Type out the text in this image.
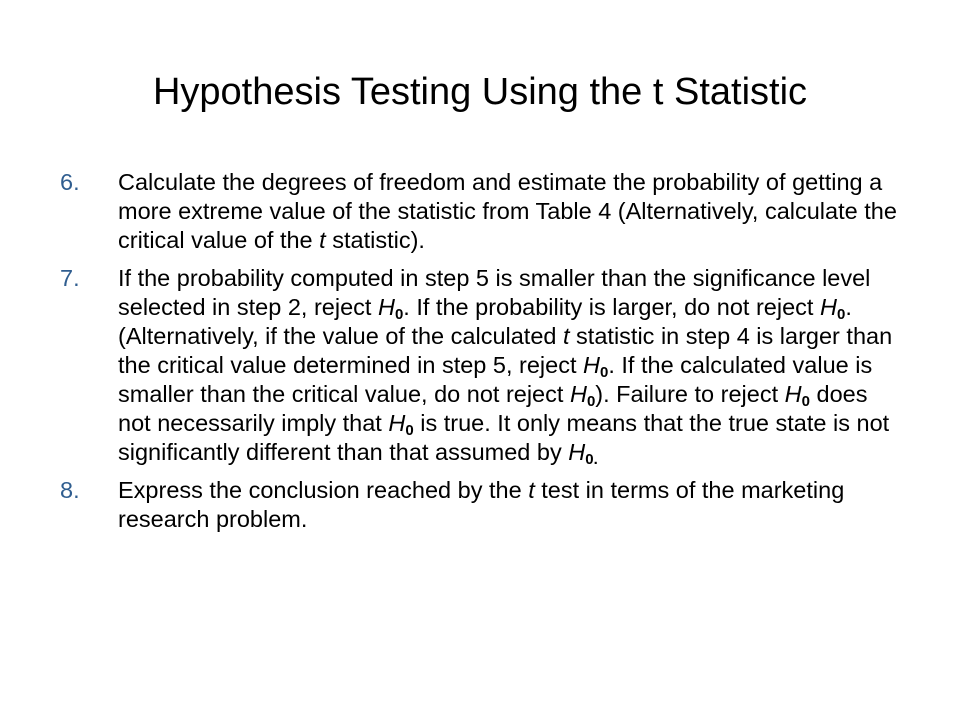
Hypothesis Testing Using the t Statistic
6. Calculate the degrees of freedom and estimate the probability of getting a more extreme value of the statistic from Table 4 (Alternatively, calculate the critical value of the t statistic).
7. If the probability computed in step 5 is smaller than the significance level selected in step 2, reject $H_0$. If the probability is larger, do not reject $H_0$. (Alternatively, if the value of the calculated t statistic in step 4 is larger than the critical value determined in step 5, reject $H_0$. If the calculated value is smaller than the critical value, do not reject $H_0$). Failure to reject $H_0$ does not necessarily imply that $H_0$ is true. It only means that the true state is not significantly different than that assumed by $H_{0.}$
8. Express the conclusion reached by the t test in terms of the marketing research problem.
